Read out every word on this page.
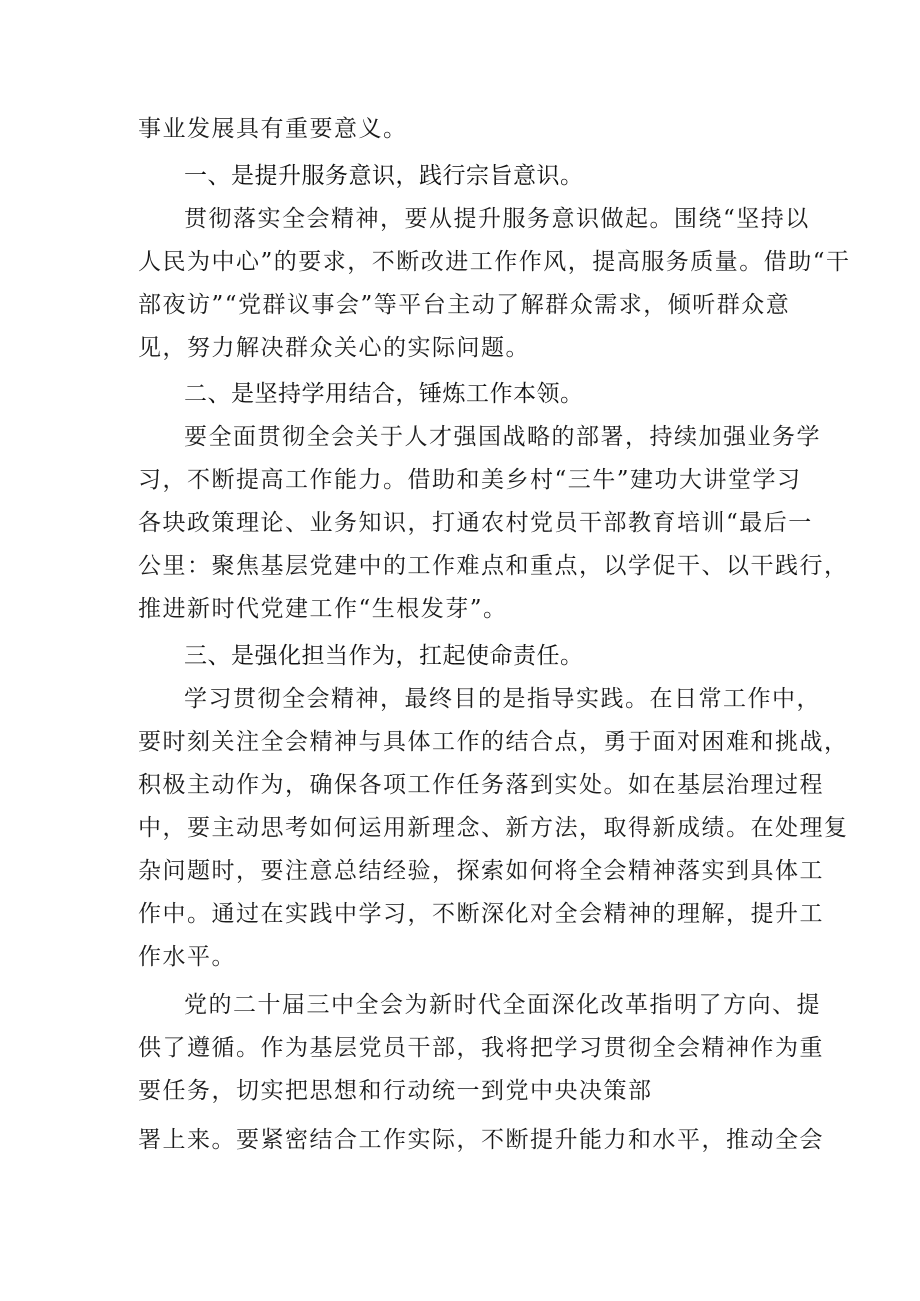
事业发展具有重要意义。
一、是提升服务意识，践行宗旨意识。
贯彻落实全会精神，要从提升服务意识做起。围绕“坚持以
人民为中心”的要求，不断改进工作作风，提高服务质量。借助“干
部夜访”“党群议事会”等平台主动了解群众需求，倾听群众意
见，努力解决群众关心的实际问题。
二、是坚持学用结合，锤炼工作本领。
要全面贯彻全会关于人才强国战略的部署，持续加强业务学
习，不断提高工作能力。借助和美乡村“三牛”建功大讲堂学习
各块政策理论、业务知识，打通农村党员干部教育培训“最后一
公里：聚焦基层党建中的工作难点和重点，以学促干、以干践行，
推进新时代党建工作“生根发芽”。
三、是强化担当作为，扛起使命责任。
学习贯彻全会精神，最终目的是指导实践。在日常工作中，
要时刻关注全会精神与具体工作的结合点，勇于面对困难和挑战，
积极主动作为，确保各项工作任务落到实处。如在基层治理过程
中，要主动思考如何运用新理念、新方法，取得新成绩。在处理复
杂问题时，要注意总结经验，探索如何将全会精神落实到具体工
作中。通过在实践中学习，不断深化对全会精神的理解，提升工
作水平。
党的二十届三中全会为新时代全面深化改革指明了方向、提
供了遵循。作为基层党员干部，我将把学习贯彻全会精神作为重
要任务，切实把思想和行动统一到党中央决策部
署上来。要紧密结合工作实际，不断提升能力和水平，推动全会
